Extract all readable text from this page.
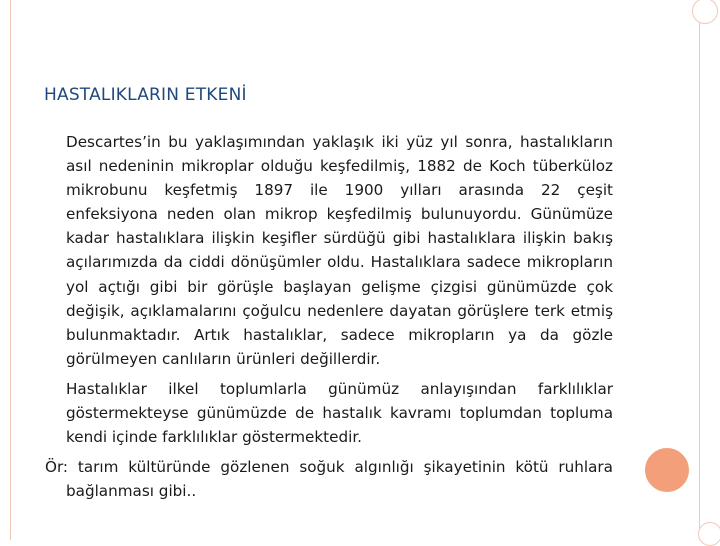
HASTALIKLARIN ETKENİ
Descartes’in bu yaklaşımından yaklaşık iki yüz yıl sonra, hastalıkların asıl nedeninin mikroplar olduğu keşfedilmiş, 1882 de Koch tüberküloz mikrobunu keşfetmiş 1897 ile 1900 yılları arasında 22 çeşit enfeksiyona neden olan mikrop keşfedilmiş bulunuyordu. Günümüze kadar hastalıklara ilişkin keşifler sürdüğü gibi hastalıklara ilişkin bakış açılarımızda da ciddi dönüşümler oldu. Hastalıklara sadece mikropların yol açtığı gibi bir görüşle başlayan gelişme çizgisi günümüzde çok değişik, açıklamalarını çoğulcu nedenlere dayatan görüşlere terk etmiş bulunmaktadır. Artık hastalıklar, sadece mikropların ya da gözle görülmeyen canlıların ürünleri değillerdir.
Hastalıklar ilkel toplumlarla günümüz anlayışından farklılıklar göstermekteyse günümüzde de hastalık kavramı toplumdan topluma kendi içinde farklılıklar göstermektedir.
Ör: tarım kültüründe gözlenen soğuk algınlığı şikayetinin kötü ruhlara bağlanması gibi..
